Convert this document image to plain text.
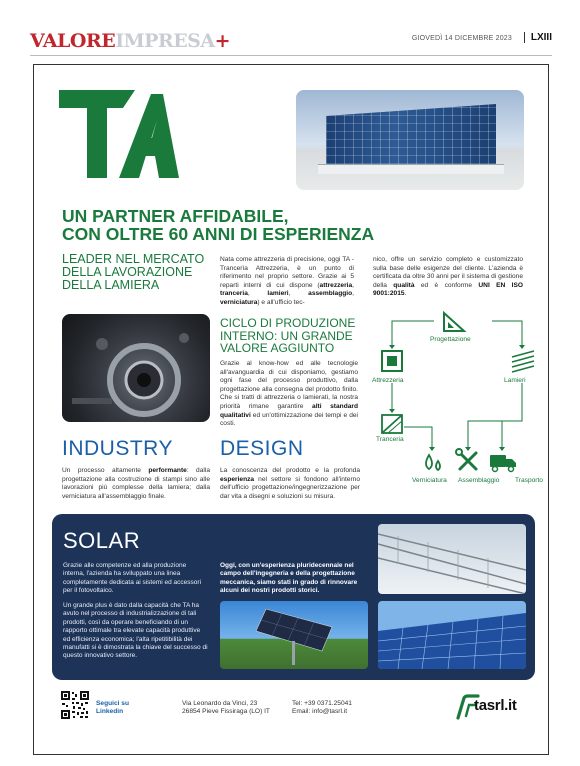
VALOREIMPRESA+	GIOVEDÌ 14 DICEMBRE 2023	LXIII
UN PARTNER AFFIDABILE,
CON OLTRE 60 ANNI DI ESPERIENZA
LEADER NEL MERCATO
DELLA LAVORAZIONE
DELLA LAMIERA
Nata come attrezzeria di precisione, oggi TA - Trancerìa Attrezzeria, è un punto di riferimento nel proprio settore. Grazie ai 5 reparti interni di cui dispone (attrezzeria, tranceria, lamieri, assemblaggio, verniciatura) e all'ufficio tec-
nico, offre un servizio completo e customizzato sulla base delle esigenze del cliente. L'azienda è certificata da oltre 30 anni per il sistema di gestione della qualità ed è conforme UNI EN ISO 9001:2015.
CICLO DI PRODUZIONE
INTERNO: UN GRANDE
VALORE AGGIUNTO
Grazie al know-how ed alle tecnologie all'avanguardia di cui disponiamo, gestiamo ogni fase del processo produttivo, dalla progettazione alla consegna del prodotto finito. Che si tratti di attrezzeria o lamierati, la nostra priorità rimane garantire alti standard qualitativi ed un'ottimizzazione dei tempi e dei costi.
Progettazione
Attrezzeria	Lamieri
Tranceria
Verniciatura Assemblaggio Trasporto
INDUSTRY
Un processo altamente performante: dalla progettazione alla costruzione di stampi sino alle lavorazioni più complesse della lamiera; dalla verniciatura all'assemblaggio finale.
DESIGN
La conoscenza del prodotto e la profonda esperienza nel settore si fondono all'interno dell'ufficio progettazione/ingegnerizzazione per dar vita a disegni e soluzioni su misura.
SOLAR
Grazie alle competenze ed alla produzione interna, l'azienda ha sviluppato una linea completamente dedicata ai sistemi ed accessori per il fotovoltaico.
Un grande plus è dato dalla capacità che TA ha avuto nel processo di industrializzazione di tali prodotti, così da operare beneficiando di un rapporto ottimale tra elevate capacità produttive ed efficienza economica; l'alta ripetitibilità dei manufatti si è dimostrata la chiave del successo di questo innovativo settore.
Oggi, con un'esperienza pluridecennale nel campo dell'ingegneria e della progettazione meccanica, siamo stati in grado di rinnovare alcuni dei nostri prodotti storici.
Seguici su
Linkedin
Via Leonardo da Vinci, 23
26854 Pieve Fissiraga (LO) IT
Tel: +39 0371.25041
Email: info@tasrl.it	tasrl.it
